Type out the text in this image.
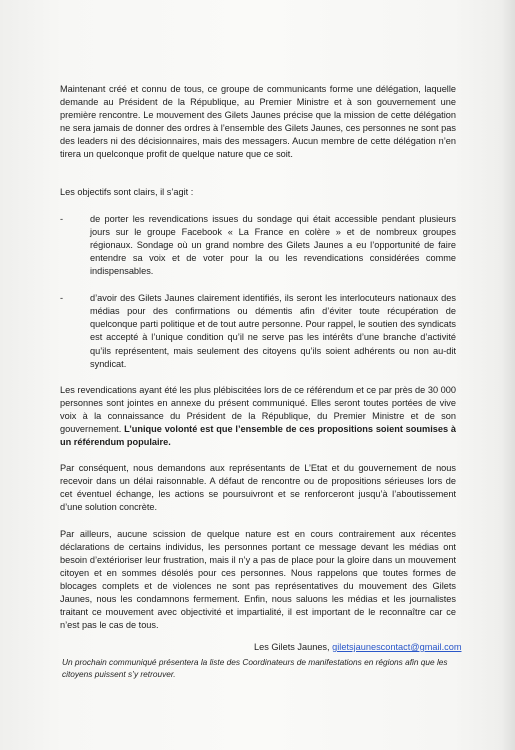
Maintenant créé et connu de tous, ce groupe de communicants forme une délégation, laquelle demande au Président de la République, au Premier Ministre et à son gouvernement une première rencontre. Le mouvement des Gilets Jaunes précise que la mission de cette délégation ne sera jamais de donner des ordres à l’ensemble des Gilets Jaunes, ces personnes ne sont pas des leaders ni des décisionnaires, mais des messagers. Aucun membre de cette délégation n’en tirera un quelconque profit de quelque nature que ce soit.

Les objectifs sont clairs, il s’agit :

-	de porter les revendications issues du sondage qui était accessible pendant plusieurs jours sur le groupe Facebook « La France en colère » et de nombreux groupes régionaux. Sondage où un grand nombre des Gilets Jaunes a eu l’opportunité de faire entendre sa voix et de voter pour la ou les revendications considérées comme indispensables.

-	d’avoir des Gilets Jaunes clairement identifiés, ils seront les interlocuteurs nationaux des médias pour des confirmations ou démentis afin d’éviter toute récupération de quelconque parti politique et de tout autre personne. Pour rappel, le soutien des syndicats est accepté à l’unique condition qu’il ne serve pas les intérêts d’une branche d’activité qu’ils représentent, mais seulement des citoyens qu’ils soient adhérents ou non au-dit syndicat.

Les revendications ayant été les plus plébiscitées lors de ce référendum et ce par près de 30 000 personnes sont jointes en annexe du présent communiqué. Elles seront toutes portées de vive voix à la connaissance du Président de la République, du Premier Ministre et de son gouvernement. L’unique volonté est que l’ensemble de ces propositions soient soumises à un référendum populaire.

Par conséquent, nous demandons aux représentants de L’Etat et du gouvernement de nous recevoir dans un délai raisonnable. A défaut de rencontre ou de propositions sérieuses lors de cet éventuel échange, les actions se poursuivront et se renforceront jusqu’à l’aboutissement d’une solution concrète.

Par ailleurs, aucune scission de quelque nature est en cours contrairement aux récentes déclarations de certains individus, les personnes portant ce message devant les médias ont besoin d’extérioriser leur frustration, mais il n’y a pas de place pour la gloire dans un mouvement citoyen et en sommes désolés pour ces personnes. Nous rappelons que toutes formes de blocages complets et de violences ne sont pas représentatives du mouvement des Gilets Jaunes, nous les condamnons fermement. Enfin, nous saluons les médias et les journalistes traitant ce mouvement avec objectivité et impartialité, il est important de le reconnaître car ce n’est pas le cas de tous.

Les Gilets Jaunes, giletsjaunescontact@gmail.com
Un prochain communiqué présentera la liste des Coordinateurs de manifestations en régions afin que les citoyens puissent s’y retrouver.
